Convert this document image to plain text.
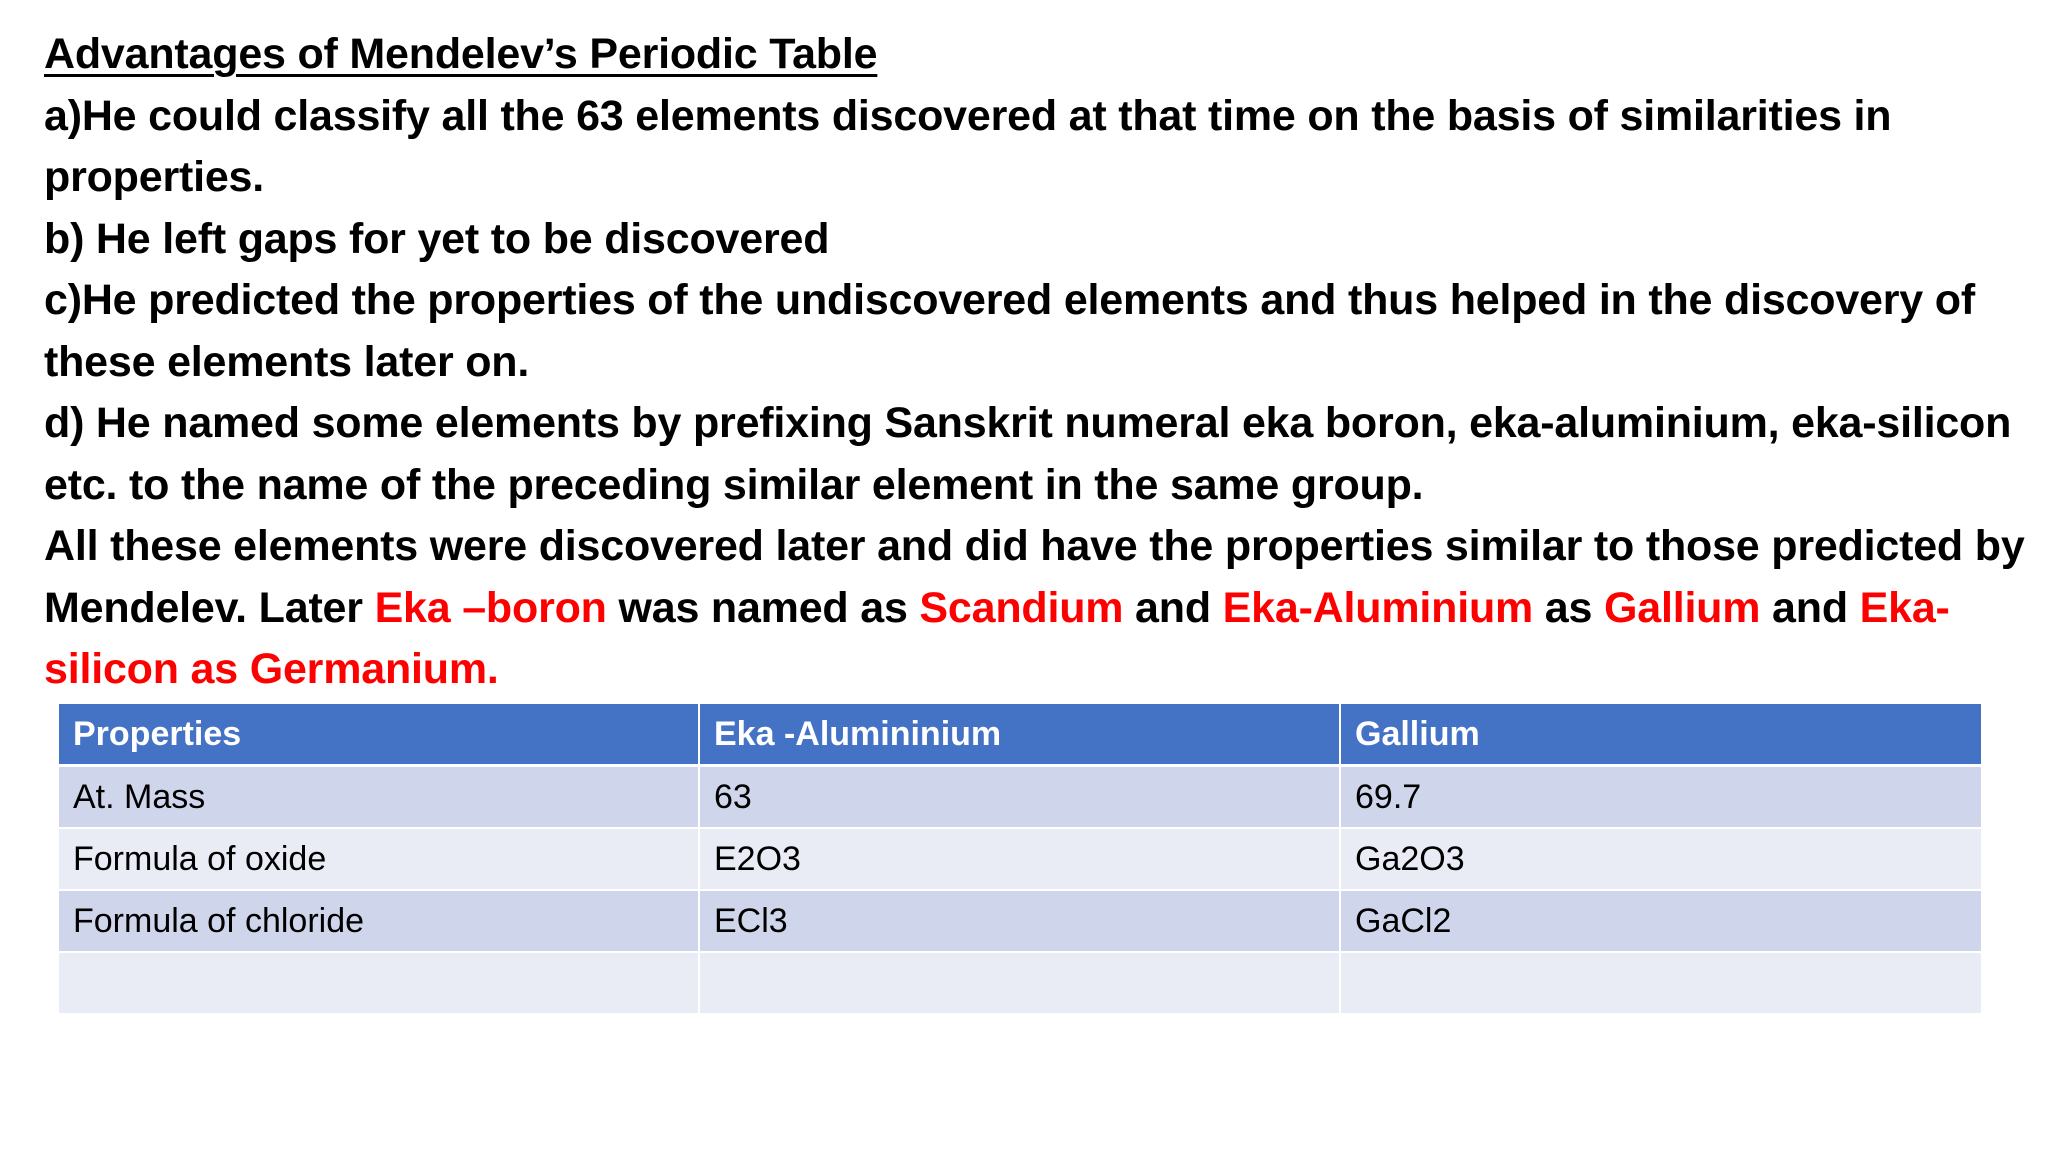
Advantages of Mendelev’s Periodic Table
a)He could classify all the 63 elements discovered at that time on the basis of similarities in
properties.
b) He left gaps for yet to be discovered
c)He predicted the properties of the undiscovered elements and thus helped in the discovery of
these elements later on.
d) He named some elements by prefixing Sanskrit numeral eka boron, eka-aluminium, eka-silicon
etc. to the name of the preceding similar element in the same group.
All these elements were discovered later and did have the properties similar to those predicted by
Mendelev. Later Eka –boron was named as Scandium and Eka-Aluminium as Gallium and Eka-
silicon as Germanium.
Properties	Eka -Alumininium	Gallium
At. Mass	63	69.7
Formula of oxide	E2O3	Ga2O3
Formula of chloride	ECl3	GaCl2
